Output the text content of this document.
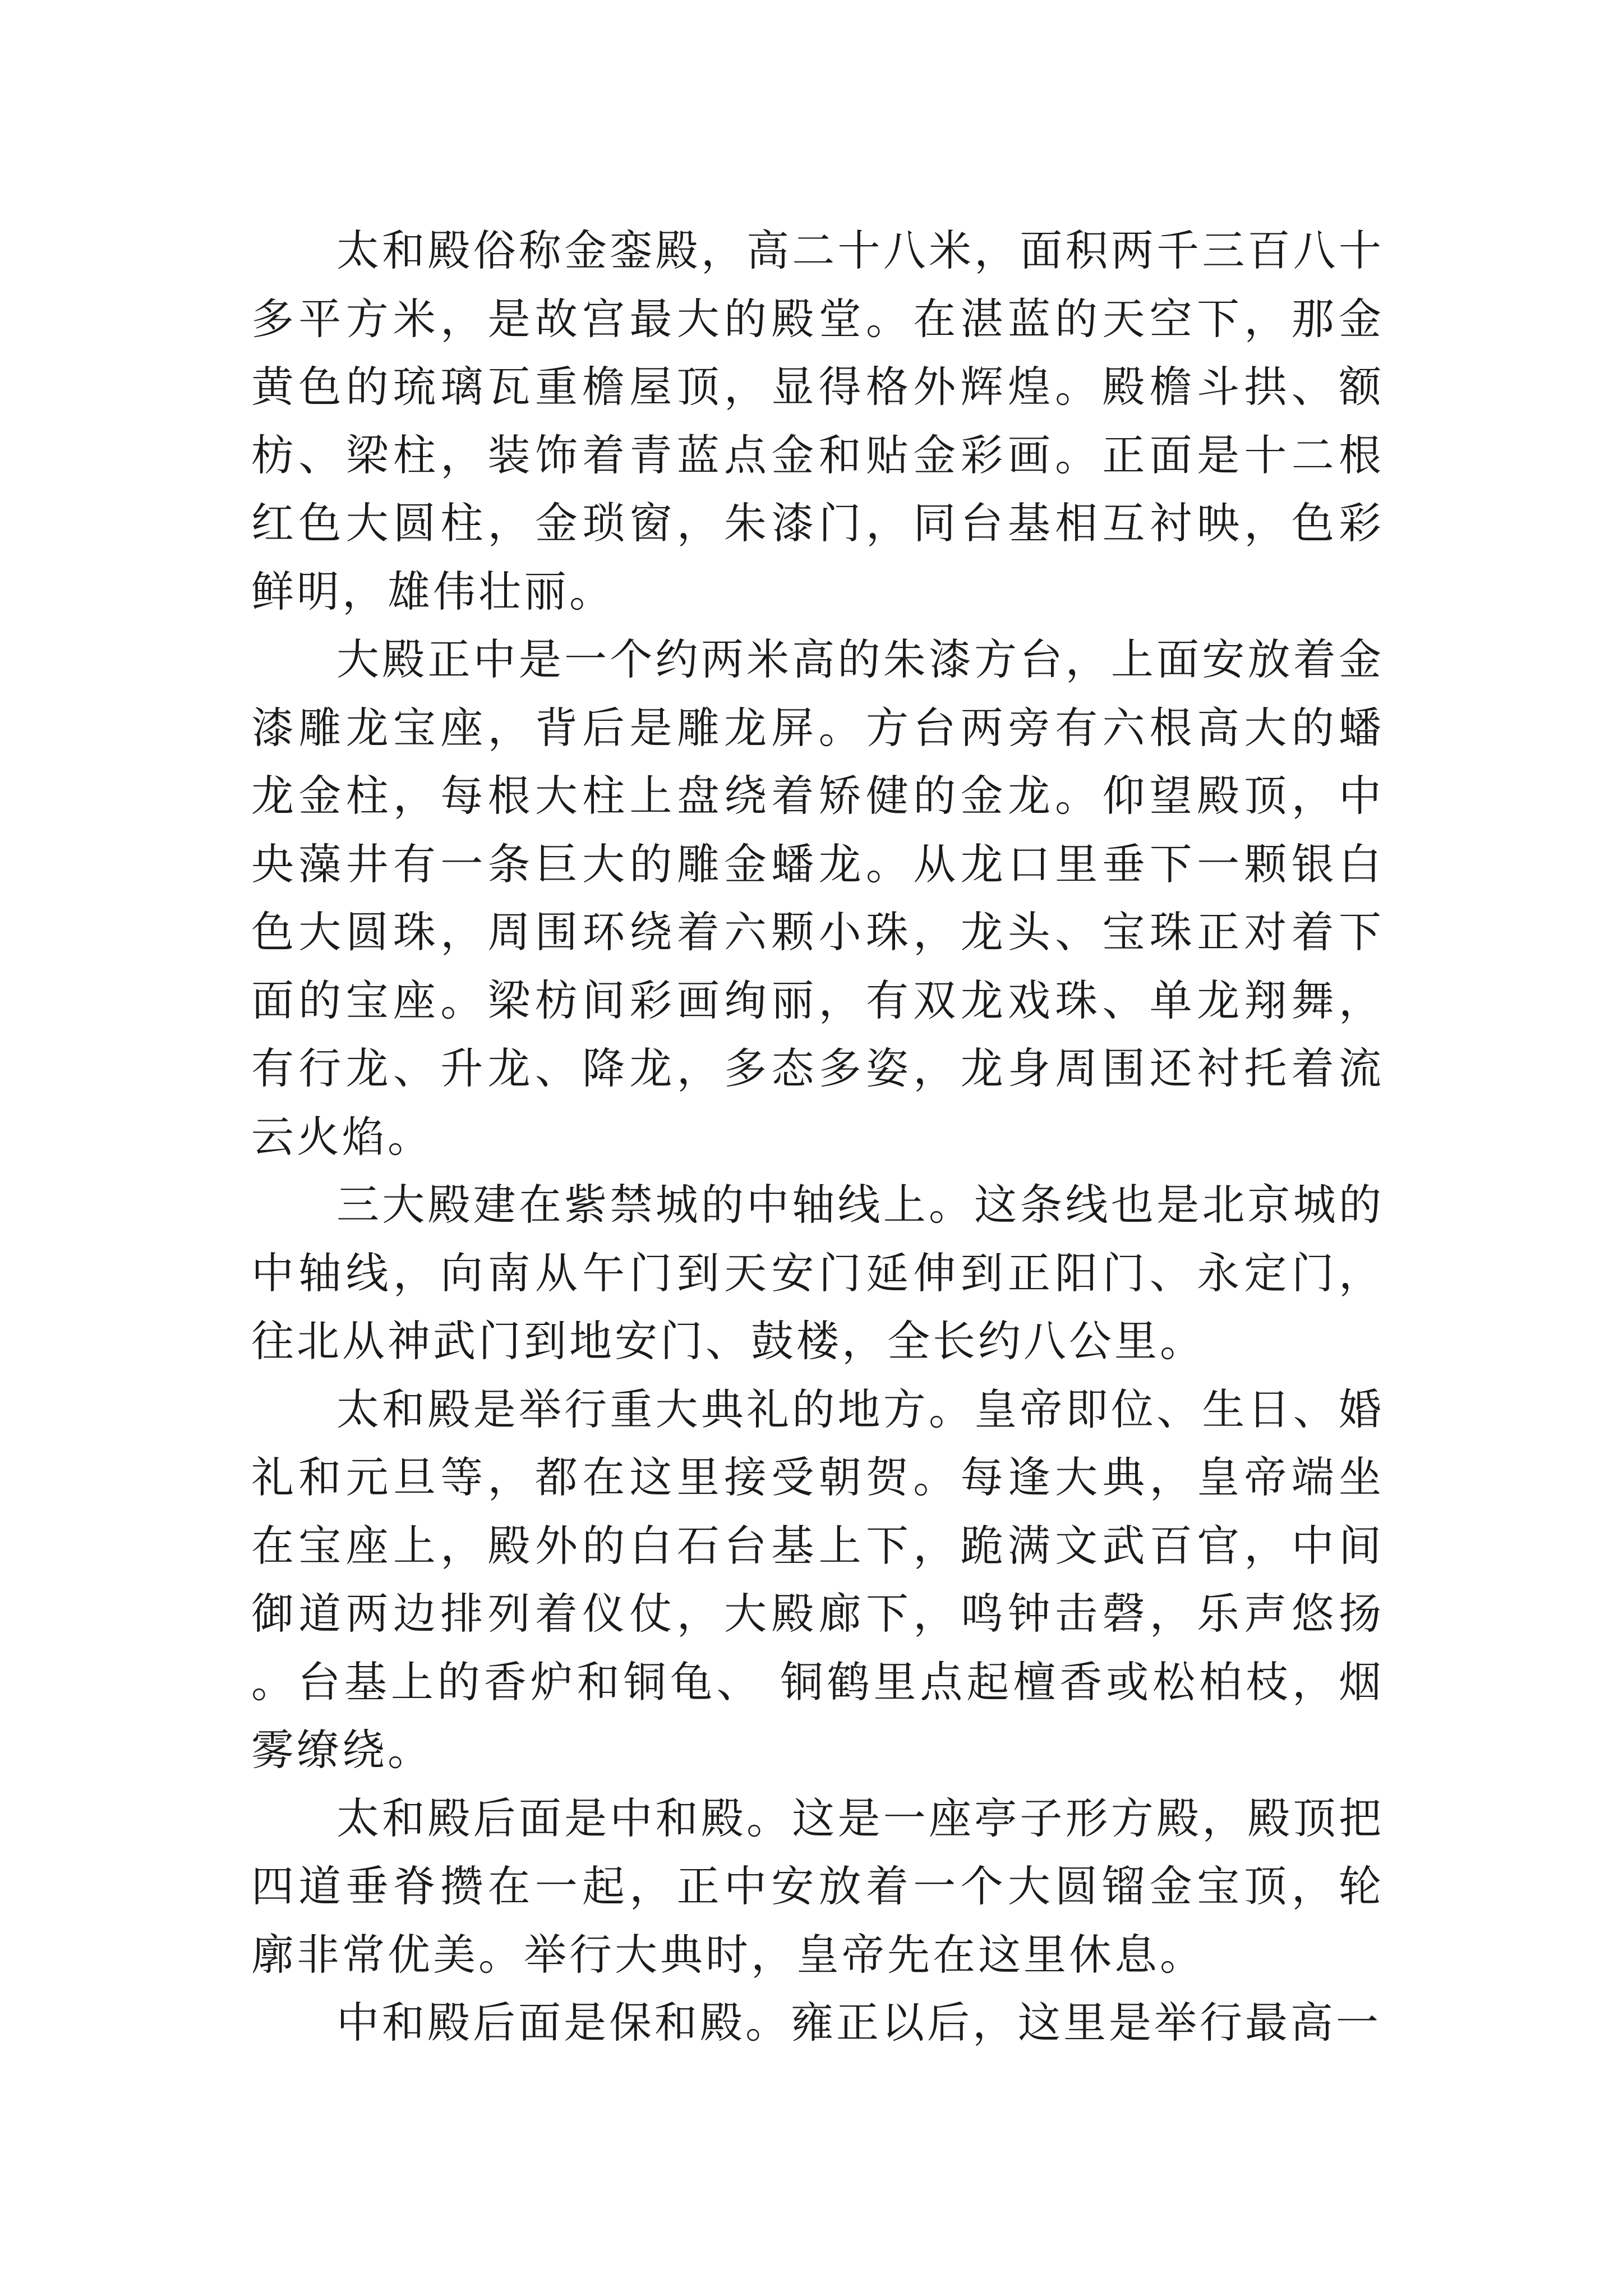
太和殿俗称金銮殿，高二十八米，面积两千三百八十多平方米，是故宫最大的殿堂。在湛蓝的天空下，那金黄色的琉璃瓦重檐屋顶，显得格外辉煌。殿檐斗拱、额枋、梁柱，装饰着青蓝点金和贴金彩画。正面是十二根红色大圆柱，金琐窗，朱漆门，同台基相互衬映，色彩鲜明，雄伟壮丽。

大殿正中是一个约两米高的朱漆方台，上面安放着金漆雕龙宝座，背后是雕龙屏。方台两旁有六根高大的蟠龙金柱，每根大柱上盘绕着矫健的金龙。仰望殿顶，中央藻井有一条巨大的雕金蟠龙。从龙口里垂下一颗银白色大圆珠，周围环绕着六颗小珠，龙头、宝珠正对着下面的宝座。梁枋间彩画绚丽，有双龙戏珠、单龙翔舞，有行龙、升龙、降龙，多态多姿，龙身周围还衬托着流云火焰。

三大殿建在紫禁城的中轴线上。这条线也是北京城的中轴线，向南从午门到天安门延伸到正阳门、永定门，往北从神武门到地安门、鼓楼，全长约八公里。

太和殿是举行重大典礼的地方。皇帝即位、生日、婚礼和元旦等，都在这里接受朝贺。每逢大典，皇帝端坐在宝座上，殿外的白石台基上下，跪满文武百官，中间御道两边排列着仪仗，大殿廊下，鸣钟击磬，乐声悠扬。台基上的香炉和铜龟、 铜鹤里点起檀香或松柏枝，烟雾缭绕。

太和殿后面是中和殿。这是一座亭子形方殿，殿顶把四道垂脊攒在一起，正中安放着一个大圆镏金宝顶，轮廓非常优美。举行大典时，皇帝先在这里休息。

中和殿后面是保和殿。雍正以后，这里是举行最高一
